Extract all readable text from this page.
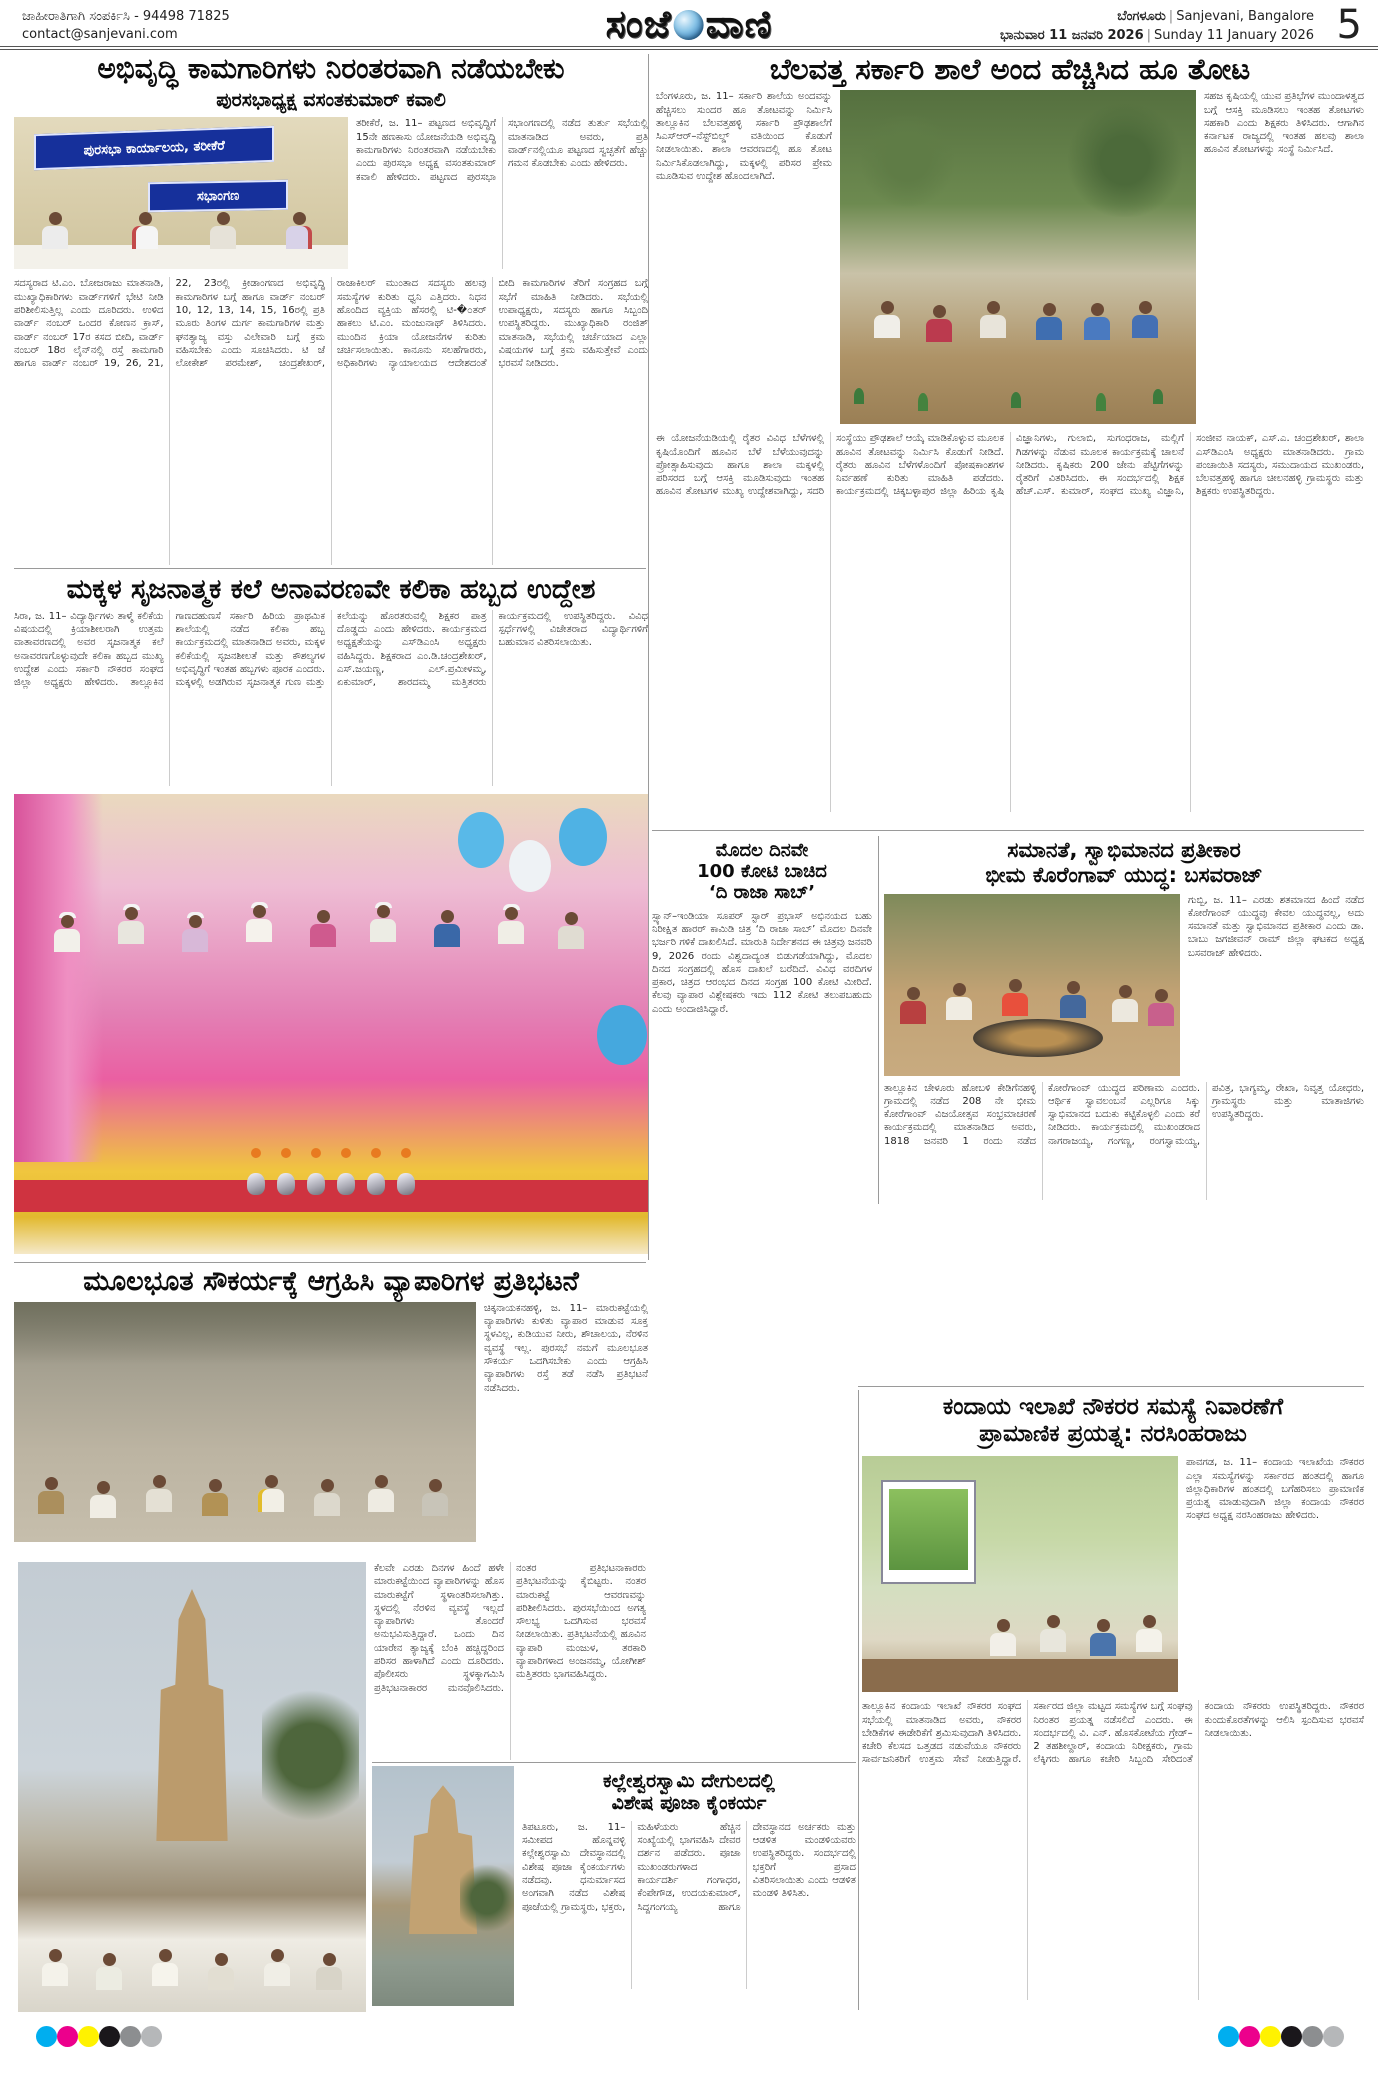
ಜಾಹೀರಾತಿಗಾಗಿ ಸಂಪರ್ಕಿಸಿ - 94498 71825
contact@sanjevani.com	ಸಂಜೆ ವಾಣಿ	ಬೆಂಗಳೂರು | Sanjevani, Bangalore
ಭಾನುವಾರ 11 ಜನವರಿ 2026 | Sunday 11 January 2026 5
ಅಭಿವೃದ್ಧಿ ಕಾಮಗಾರಿಗಳು ನಿರಂತರವಾಗಿ ನಡೆಯಬೇಕು
ಪುರಸಭಾಧ್ಯಕ್ಷ ವಸಂತಕುಮಾರ್ ಕವಾಲಿ
ಪುರಸಭಾ ಕಾರ್ಯಾಲಯ, ತರೀಕೆರೆ
ಸಭಾಂಗಣ
ತರೀಕೆರೆ, ಜ. 11– ಪಟ್ಟಣದ ಅಭಿವೃದ್ಧಿಗೆ 15ನೇ ಹಣಕಾಸು ಯೋಜನೆಯಡಿ ಅಭಿವೃದ್ಧಿ ಕಾಮಗಾರಿಗಳು ನಿರಂತರವಾಗಿ ನಡೆಯಬೇಕು ಎಂದು ಪುರಸಭಾ ಅಧ್ಯಕ್ಷ ವಸಂತಕುಮಾರ್ ಕವಾಲಿ ಹೇಳಿದರು. ಪಟ್ಟಣದ ಪುರಸಭಾ ಸಭಾಂಗಣದಲ್ಲಿ ನಡೆದ ತುರ್ತು ಸಭೆಯಲ್ಲಿ ಮಾತನಾಡಿದ ಅವರು, ಪ್ರತಿ ವಾರ್ಡ್‌ನಲ್ಲಿಯೂ ಪಟ್ಟಣದ ಸ್ವಚ್ಛತೆಗೆ ಹೆಚ್ಚು ಗಮನ ಕೊಡಬೇಕು ಎಂದು ಹೇಳಿದರು.
ಸದಸ್ಯರಾದ ಟಿ.ಎಂ. ಬೋಜರಾಜು ಮಾತನಾಡಿ, ಮುಖ್ಯಾಧಿಕಾರಿಗಳು ವಾರ್ಡ್‌ಗಳಿಗೆ ಭೇಟಿ ನೀಡಿ ಪರಿಶೀಲಿಸುತ್ತಿಲ್ಲ ಎಂದು ದೂರಿದರು. ಉಳಿದ ವಾರ್ಡ್ ನಂಬರ್ ಒಂದರ ಕೋಣನ ಕ್ರಾಸ್, ವಾರ್ಡ್ ನಂಬರ್ 17ರ ಕಸದ ಬೀದಿ, ವಾರ್ಡ್ ನಂಬರ್ 18ರ ಲೈನ್‌ನಲ್ಲಿ ರಸ್ತೆ ಕಾಮಗಾರಿ ಹಾಗೂ ವಾರ್ಡ್ ನಂಬರ್ 19, 26, 21, 22, 23ರಲ್ಲಿ ಕ್ರೀಡಾಂಗಣದ ಅಭಿವೃದ್ಧಿ ಕಾಮಗಾರಿಗಳ ಬಗ್ಗೆ ಹಾಗೂ ವಾರ್ಡ್ ನಂಬರ್ 10, 12, 13, 14, 15, 16ರಲ್ಲಿ ಪ್ರತಿ ಮೂರು ತಿಂಗಳ ದುರ್ಗ ಕಾಮಗಾರಿಗಳ ಮತ್ತು ಘನತ್ಯಾಜ್ಯ ವಸ್ತು ವಿಲೇವಾರಿ ಬಗ್ಗೆ ಕ್ರಮ ವಹಿಸಬೇಕು ಎಂದು ಸೂಚಿಸಿದರು. ಟಿ ಜೆ ಲೋಕೇಶ್ ಪರಮೇಶ್, ಚಂದ್ರಶೇಖರ್, ರಾಜಾಕಿಲರ್ ಮುಂತಾದ ಸದಸ್ಯರು ಹಲವು ಸಮಸ್ಯೆಗಳ ಕುರಿತು ಧ್ವನಿ ಎತ್ತಿದರು. ನಿಧನ ಹೊಂದಿದ ವ್ಯಕ್ತಿಯ ಹೆಸರಲ್ಲಿ ಟಿ-�೦ತರ್ ಹಾಕಲು ಟಿ.ಎಂ. ಮಂಜುನಾಥ್ ತಿಳಿಸಿದರು. ಮುಂದಿನ ಕ್ರಿಯಾ ಯೋಜನೆಗಳ ಕುರಿತು ಚರ್ಚಿಸಲಾಯಿತು. ಕಾನೂನು ಸಲಹೆಗಾರರು, ಅಧಿಕಾರಿಗಳು ನ್ಯಾಯಾಲಯದ ಆದೇಶದಂತೆ ಬೀದಿ ಕಾಮಗಾರಿಗಳ ತೆರಿಗೆ ಸಂಗ್ರಹದ ಬಗ್ಗೆ ಸಭೆಗೆ ಮಾಹಿತಿ ನೀಡಿದರು. ಸಭೆಯಲ್ಲಿ ಉಪಾಧ್ಯಕ್ಷರು, ಸದಸ್ಯರು ಹಾಗೂ ಸಿಬ್ಬಂದಿ ಉಪಸ್ಥಿತರಿದ್ದರು. ಮುಖ್ಯಾಧಿಕಾರಿ ರಂಜಿತ್ ಮಾತನಾಡಿ, ಸಭೆಯಲ್ಲಿ ಚರ್ಚೆಯಾದ ಎಲ್ಲಾ ವಿಷಯಗಳ ಬಗ್ಗೆ ಕ್ರಮ ವಹಿಸುತ್ತೇವೆ ಎಂದು ಭರವಸೆ ನೀಡಿದರು.
ಬೆಲವತ್ತ ಸರ್ಕಾರಿ ಶಾಲೆ ಅಂದ ಹೆಚ್ಚಿಸಿದ ಹೂ ತೋಟ
ಬೆಂಗಳೂರು, ಜ. 11– ಸರ್ಕಾರಿ ಶಾಲೆಯ ಅಂದವನ್ನು ಹೆಚ್ಚಿಸಲು ಸುಂದರ ಹೂ ತೋಟವನ್ನು ನಿರ್ಮಿಸಿ ತಾಲ್ಲೂಕಿನ ಬೆಲವತ್ತಹಳ್ಳಿ ಸರ್ಕಾರಿ ಪ್ರೌಢಶಾಲೆಗೆ ಸಿಎಸ್‌ಆರ್–ನೆಸ್ಟ್‌ಬಿಲ್ಡ್ ವತಿಯಿಂದ ಕೊಡುಗೆ ನೀಡಲಾಯಿತು. ಶಾಲಾ ಆವರಣದಲ್ಲಿ ಹೂ ತೋಟ ನಿರ್ಮಿಸಿಕೊಡಲಾಗಿದ್ದು, ಮಕ್ಕಳಲ್ಲಿ ಪರಿಸರ ಪ್ರೇಮ ಮೂಡಿಸುವ ಉದ್ದೇಶ ಹೊಂದಲಾಗಿದೆ.
ಸಹಜ ಕೃಷಿಯಲ್ಲಿ ಯುವ ಪ್ರತಿಭೆಗಳ ಮುಂದಾಳತ್ವದ ಬಗ್ಗೆ ಆಸಕ್ತಿ ಮೂಡಿಸಲು ಇಂತಹ ತೋಟಗಳು ಸಹಕಾರಿ ಎಂದು ಶಿಕ್ಷಕರು ತಿಳಿಸಿದರು. ಆಗಾಗಿನ ಕರ್ನಾಟಕ ರಾಜ್ಯದಲ್ಲಿ ಇಂತಹ ಹಲವು ಶಾಲಾ ಹೂವಿನ ತೋಟಗಳನ್ನು ಸಂಸ್ಥೆ ನಿರ್ಮಿಸಿದೆ.
ಈ ಯೋಜನೆಯಡಿಯಲ್ಲಿ ರೈತರ ವಿವಿಧ ಬೆಳೆಗಳಲ್ಲಿ ಕೃಷಿಯೊಂದಿಗೆ ಹೂವಿನ ಬೆಳೆ ಬೆಳೆಯುವುದನ್ನು ಪ್ರೋತ್ಸಾಹಿಸುವುದು ಹಾಗೂ ಶಾಲಾ ಮಕ್ಕಳಲ್ಲಿ ಪರಿಸರದ ಬಗ್ಗೆ ಆಸಕ್ತಿ ಮೂಡಿಸುವುದು ಇಂತಹ ಹೂವಿನ ತೋಟಗಳ ಮುಖ್ಯ ಉದ್ದೇಶವಾಗಿದ್ದು, ಸದರಿ ಸಂಸ್ಥೆಯು ಪ್ರೌಢಶಾಲೆ ಆಯ್ಕೆ ಮಾಡಿಕೊಳ್ಳುವ ಮೂಲಕ ಹೂವಿನ ತೋಟವನ್ನು ನಿರ್ಮಿಸಿ ಕೊಡುಗೆ ನೀಡಿದೆ. ರೈತರು ಹೂವಿನ ಬೆಳೆಗಳೊಂದಿಗೆ ಪೋಷಕಾಂಶಗಳ ನಿರ್ವಹಣೆ ಕುರಿತು ಮಾಹಿತಿ ಪಡೆದರು. ಕಾರ್ಯಕ್ರಮದಲ್ಲಿ ಚಿಕ್ಕಬಳ್ಳಾಪುರ ಜಿಲ್ಲಾ ಹಿರಿಯ ಕೃಷಿ ವಿಜ್ಞಾನಿಗಳು, ಗುಲಾಬಿ, ಸುಗಂಧರಾಜ, ಮಲ್ಲಿಗೆ ಗಿಡಗಳನ್ನು ನೆಡುವ ಮೂಲಕ ಕಾರ್ಯಕ್ರಮಕ್ಕೆ ಚಾಲನೆ ನೀಡಿದರು. ಕೃಷಿಕರು 200 ಜೇನು ಪೆಟ್ಟಿಗೆಗಳನ್ನು ರೈತರಿಗೆ ವಿತರಿಸಿದರು. ಈ ಸಂದರ್ಭದಲ್ಲಿ ಶಿಕ್ಷಕ ಹೆಚ್.ಎಸ್. ಕುಮಾರ್, ಸಂಘದ ಮುಖ್ಯ ವಿಜ್ಞಾನಿ, ಸಂಜೀವ ನಾಯಕ್, ಎಸ್.ಎ. ಚಂದ್ರಶೇಖರ್, ಶಾಲಾ ಎಸ್‌ಡಿಎಂಸಿ ಅಧ್ಯಕ್ಷರು ಮಾತನಾಡಿದರು. ಗ್ರಾಮ ಪಂಚಾಯಿತಿ ಸದಸ್ಯರು, ಸಮುದಾಯದ ಮುಖಂಡರು, ಬೆಲವತ್ತಹಳ್ಳಿ ಹಾಗೂ ಚೀಲನಹಳ್ಳಿ ಗ್ರಾಮಸ್ಥರು ಮತ್ತು ಶಿಕ್ಷಕರು ಉಪಸ್ಥಿತರಿದ್ದರು.
ಮಕ್ಕಳ ಸೃಜನಾತ್ಮಕ ಕಲೆ ಅನಾವರಣವೇ ಕಲಿಕಾ ಹಬ್ಬದ ಉದ್ದೇಶ
ಸಿರಾ, ಜ. 11– ವಿದ್ಯಾರ್ಥಿಗಳು ತಾಳ್ಮೆ ಕಲಿಕೆಯ ವಿಷಯದಲ್ಲಿ ಕ್ರಿಯಾಶೀಲರಾಗಿ ಉತ್ತಮ ವಾತಾವರಣದಲ್ಲಿ ಅವರ ಸೃಜನಾತ್ಮಕ ಕಲೆ ಅನಾವರಣಗೊಳ್ಳುವುದೇ ಕಲಿಕಾ ಹಬ್ಬದ ಮುಖ್ಯ ಉದ್ದೇಶ ಎಂದು ಸರ್ಕಾರಿ ನೌಕರರ ಸಂಘದ ಜಿಲ್ಲಾ ಅಧ್ಯಕ್ಷರು ಹೇಳಿದರು. ತಾಲ್ಲೂಕಿನ ಗಾಣದಹುಣಸೆ ಸರ್ಕಾರಿ ಹಿರಿಯ ಪ್ರಾಥಮಿಕ ಶಾಲೆಯಲ್ಲಿ ನಡೆದ ಕಲಿಕಾ ಹಬ್ಬ ಕಾರ್ಯಕ್ರಮದಲ್ಲಿ ಮಾತನಾಡಿದ ಅವರು, ಮಕ್ಕಳ ಕಲಿಕೆಯಲ್ಲಿ ಸೃಜನಶೀಲತೆ ಮತ್ತು ಕೌಶಲ್ಯಗಳ ಅಭಿವೃದ್ಧಿಗೆ ಇಂತಹ ಹಬ್ಬಗಳು ಪೂರಕ ಎಂದರು. ಮಕ್ಕಳಲ್ಲಿ ಅಡಗಿರುವ ಸೃಜನಾತ್ಮಕ ಗುಣ ಮತ್ತು ಕಲೆಯನ್ನು ಹೊರತರುವಲ್ಲಿ ಶಿಕ್ಷಕರ ಪಾತ್ರ ದೊಡ್ಡದು ಎಂದು ಹೇಳಿದರು. ಕಾರ್ಯಕ್ರಮದ ಅಧ್ಯಕ್ಷತೆಯನ್ನು ಎಸ್‌ಡಿಎಂಸಿ ಅಧ್ಯಕ್ಷರು ವಹಿಸಿದ್ದರು. ಶಿಕ್ಷಕರಾದ ಎಂ.ಡಿ.ಚಂದ್ರಶೇಖರ್, ಎಸ್.ಜಯಣ್ಣ, ಎಲ್.ಪ್ರಮೀಳಮ್ಮ, ಏಕುಮಾರ್, ಶಾರದಮ್ಮ ಮತ್ತಿತರರು ಕಾರ್ಯಕ್ರಮದಲ್ಲಿ ಉಪಸ್ಥಿತರಿದ್ದರು. ವಿವಿಧ ಸ್ಪರ್ಧೆಗಳಲ್ಲಿ ವಿಜೇತರಾದ ವಿದ್ಯಾರ್ಥಿಗಳಿಗೆ ಬಹುಮಾನ ವಿತರಿಸಲಾಯಿತು.
ಮೊದಲ ದಿನವೇ
100 ಕೋಟಿ ಬಾಚಿದ
‘ದಿ ರಾಜಾ ಸಾಬ್’
ಸ್ಪ್ಯಾನ್–ಇಂಡಿಯಾ ಸೂಪರ್ ಸ್ಟಾರ್ ಪ್ರಭಾಸ್ ಅಭಿನಯದ ಬಹು ನಿರೀಕ್ಷಿತ ಹಾರರ್ ಕಾಮಿಡಿ ಚಿತ್ರ ‘ದಿ ರಾಜಾ ಸಾಬ್’ ಮೊದಲ ದಿನವೇ ಭರ್ಜರಿ ಗಳಿಕೆ ದಾಖಲಿಸಿದೆ. ಮಾರುತಿ ನಿರ್ದೇಶನದ ಈ ಚಿತ್ರವು ಜನವರಿ 9, 2026 ರಂದು ವಿಶ್ವದಾದ್ಯಂತ ಬಿಡುಗಡೆಯಾಗಿದ್ದು, ಮೊದಲ ದಿನದ ಸಂಗ್ರಹದಲ್ಲಿ ಹೊಸ ದಾಖಲೆ ಬರೆದಿದೆ. ವಿವಿಧ ವರದಿಗಳ ಪ್ರಕಾರ, ಚಿತ್ರದ ಆರಂಭದ ದಿನದ ಸಂಗ್ರಹ 100 ಕೋಟಿ ಮೀರಿದೆ. ಕೆಲವು ವ್ಯಾಪಾರ ವಿಶ್ಲೇಷಕರು ಇದು 112 ಕೋಟಿ ತಲುಪಬಹುದು ಎಂದು ಅಂದಾಜಿಸಿದ್ದಾರೆ.
ಸಮಾನತೆ, ಸ್ವಾಭಿಮಾನದ ಪ್ರತೀಕಾರ
ಭೀಮ ಕೊರೆಂಗಾವ್ ಯುದ್ಧ: ಬಸವರಾಜ್
ಗುಬ್ಬಿ, ಜ. 11– ಎರಡು ಶತಮಾನದ ಹಿಂದೆ ನಡೆದ ಕೋರೆಗಾಂವ್ ಯುದ್ಧವು ಕೇವಲ ಯುದ್ಧವಲ್ಲ, ಅದು ಸಮಾನತೆ ಮತ್ತು ಸ್ವಾಭಿಮಾನದ ಪ್ರತೀಕಾರ ಎಂದು ಡಾ. ಬಾಬು ಜಗಜೀವನ್ ರಾಮ್ ಜಿಲ್ಲಾ ಘಟಕದ ಅಧ್ಯಕ್ಷ ಬಸವರಾಜ್ ಹೇಳಿದರು.
ತಾಲ್ಲೂಕಿನ ಚೇಳೂರು ಹೋಬಳಿ ಕೇಡಿಗೆನಹಳ್ಳಿ ಗ್ರಾಮದಲ್ಲಿ ನಡೆದ 208 ನೇ ಭೀಮ ಕೋರೆಗಾಂವ್ ವಿಜಯೋತ್ಸವ ಸಂಭ್ರಮಾಚರಣೆ ಕಾರ್ಯಕ್ರಮದಲ್ಲಿ ಮಾತನಾಡಿದ ಅವರು, 1818 ಜನವರಿ 1 ರಂದು ನಡೆದ ಕೋರೆಗಾಂವ್ ಯುದ್ಧದ ಪರಿಣಾಮ ಎಂದರು. ಆರ್ಥಿಕ ಸ್ವಾವಲಂಬನೆ ಎಲ್ಲರಿಗೂ ಸಿಕ್ಕು ಸ್ವಾಭಿಮಾನದ ಬದುಕು ಕಟ್ಟಿಕೊಳ್ಳಲಿ ಎಂದು ಕರೆ ನೀಡಿದರು. ಕಾರ್ಯಕ್ರಮದಲ್ಲಿ ಮುಖಂಡರಾದ ನಾಗರಾಜಯ್ಯ, ಗಂಗಣ್ಣ, ರಂಗಸ್ವಾಮಯ್ಯ, ಪವಿತ್ರ, ಭಾಗ್ಯಮ್ಮ, ರೇಖಾ, ನಿವೃತ್ತ ಯೋಧರು, ಗ್ರಾಮಸ್ಥರು ಮತ್ತು ಮಾತಾಜಿಗಳು ಉಪಸ್ಥಿತರಿದ್ದರು.
ಮೂಲಭೂತ ಸೌಕರ್ಯಕ್ಕೆ ಆಗ್ರಹಿಸಿ ವ್ಯಾಪಾರಿಗಳ ಪ್ರತಿಭಟನೆ
ಚಿಕ್ಕನಾಯಕನಹಳ್ಳಿ, ಜ. 11– ಮಾರುಕಟ್ಟೆಯಲ್ಲಿ ವ್ಯಾಪಾರಿಗಳು ಕುಳಿತು ವ್ಯಾಪಾರ ಮಾಡುವ ಸೂಕ್ತ ಸ್ಥಳವಿಲ್ಲ, ಕುಡಿಯುವ ನೀರು, ಶೌಚಾಲಯ, ನೆರಳಿನ ವ್ಯವಸ್ಥೆ ಇಲ್ಲ. ಪುರಸಭೆ ನಮಗೆ ಮೂಲಭೂತ ಸೌಕರ್ಯ ಒದಗಿಸಬೇಕು ಎಂದು ಆಗ್ರಹಿಸಿ ವ್ಯಾಪಾರಿಗಳು ರಸ್ತೆ ತಡೆ ನಡೆಸಿ ಪ್ರತಿಭಟನೆ ನಡೆಸಿದರು.
ಕೆಲವೇ ಎರಡು ದಿನಗಳ ಹಿಂದೆ ಹಳೇ ಮಾರುಕಟ್ಟೆಯಿಂದ ವ್ಯಾಪಾರಿಗಳನ್ನು ಹೊಸ ಮಾರುಕಟ್ಟೆಗೆ ಸ್ಥಳಾಂತರಿಸಲಾಗಿತ್ತು. ಸ್ಥಳದಲ್ಲಿ ನೆರಳಿನ ವ್ಯವಸ್ಥೆ ಇಲ್ಲದೆ ವ್ಯಾಪಾರಿಗಳು ತೊಂದರೆ ಅನುಭವಿಸುತ್ತಿದ್ದಾರೆ. ಒಂದು ದಿನ ಯಾರೇನ ತ್ಯಾಜ್ಯಕ್ಕೆ ಬೆಂಕಿ ಹಚ್ಚಿದ್ದರಿಂದ ಪರಿಸರ ಹಾಳಾಗಿದೆ ಎಂದು ದೂರಿದರು. ಪೊಲೀಸರು ಸ್ಥಳಕ್ಕಾಗಮಿಸಿ ಪ್ರತಿಭಟನಾಕಾರರ ಮನವೊಲಿಸಿದರು. ನಂತರ ಪ್ರತಿಭಟನಾಕಾರರು ಪ್ರತಿಭಟನೆಯನ್ನು ಕೈಬಿಟ್ಟರು. ನಂತರ ಮಾರುಕಟ್ಟೆ ಆವರಣವನ್ನು ಪರಿಶೀಲಿಸಿದರು. ಪುರಸಭೆಯಿಂದ ಅಗತ್ಯ ಸೌಲಭ್ಯ ಒದಗಿಸುವ ಭರವಸೆ ನೀಡಲಾಯಿತು. ಪ್ರತಿಭಟನೆಯಲ್ಲಿ ಹೂವಿನ ವ್ಯಾಪಾರಿ ಮಂಜುಳ, ತರಕಾರಿ ವ್ಯಾಪಾರಿಗಳಾದ ಅಂಜನಮ್ಮ, ಯೋಗೀಶ್ ಮತ್ತಿತರರು ಭಾಗವಹಿಸಿದ್ದರು.
ಕಲ್ಲೇಶ್ವರಸ್ವಾಮಿ ದೇಗುಲದಲ್ಲಿ
ವಿಶೇಷ ಪೂಜಾ ಕೈಂಕರ್ಯ
ತಿಪಟೂರು, ಜ. 11– ಸಮೀಪದ ಹೊನ್ನವಳ್ಳಿ ಕಲ್ಲೇಶ್ವರಸ್ವಾಮಿ ದೇವಸ್ಥಾನದಲ್ಲಿ ವಿಶೇಷ ಪೂಜಾ ಕೈಂಕರ್ಯಗಳು ನಡೆದವು. ಧನುರ್ಮಾಸದ ಅಂಗವಾಗಿ ನಡೆದ ವಿಶೇಷ ಪೂಜೆಯಲ್ಲಿ ಗ್ರಾಮಸ್ಥರು, ಭಕ್ತರು, ಮಹಿಳೆಯರು ಹೆಚ್ಚಿನ ಸಂಖ್ಯೆಯಲ್ಲಿ ಭಾಗವಹಿಸಿ ದೇವರ ದರ್ಶನ ಪಡೆದರು. ಪೂಜಾ ಮುಖಂಡರುಗಳಾದ ಕಾರ್ಯದರ್ಶಿ ಗಂಗಾಧರ, ಕೆಂಪೇಗೌಡ, ಉದಯಕುಮಾರ್, ಸಿದ್ದಗಂಗಯ್ಯ ಹಾಗೂ ದೇವಸ್ಥಾನದ ಅರ್ಚಕರು ಮತ್ತು ಆಡಳಿತ ಮಂಡಳಿಯವರು ಉಪಸ್ಥಿತರಿದ್ದರು. ಸಂದರ್ಭದಲ್ಲಿ ಭಕ್ತರಿಗೆ ಪ್ರಸಾದ ವಿತರಿಸಲಾಯಿತು ಎಂದು ಆಡಳಿತ ಮಂಡಳಿ ತಿಳಿಸಿತು.
ಕಂದಾಯ ಇಲಾಖೆ ನೌಕರರ ಸಮಸ್ಯೆ ನಿವಾರಣೆಗೆ
ಪ್ರಾಮಾಣಿಕ ಪ್ರಯತ್ನ: ನರಸಿಂಹರಾಜು
ಪಾವಗಡ, ಜ. 11– ಕಂದಾಯ ಇಲಾಖೆಯ ನೌಕರರ ಎಲ್ಲಾ ಸಮಸ್ಯೆಗಳನ್ನು ಸರ್ಕಾರದ ಹಂತದಲ್ಲಿ ಹಾಗೂ ಜಿಲ್ಲಾಧಿಕಾರಿಗಳ ಹಂತದಲ್ಲಿ ಬಗೆಹರಿಸಲು ಪ್ರಾಮಾಣಿಕ ಪ್ರಯತ್ನ ಮಾಡುವುದಾಗಿ ಜಿಲ್ಲಾ ಕಂದಾಯ ನೌಕರರ ಸಂಘದ ಅಧ್ಯಕ್ಷ ನರಸಿಂಹರಾಜು ಹೇಳಿದರು.
ತಾಲ್ಲೂಕಿನ ಕಂದಾಯ ಇಲಾಖೆ ನೌಕರರ ಸಂಘದ ಸಭೆಯಲ್ಲಿ ಮಾತನಾಡಿದ ಅವರು, ನೌಕರರ ಬೇಡಿಕೆಗಳ ಈಡೇರಿಕೆಗೆ ಶ್ರಮಿಸುವುದಾಗಿ ತಿಳಿಸಿದರು. ಕಚೇರಿ ಕೆಲಸದ ಒತ್ತಡದ ನಡುವೆಯೂ ನೌಕರರು ಸಾರ್ವಜನಿಕರಿಗೆ ಉತ್ತಮ ಸೇವೆ ನೀಡುತ್ತಿದ್ದಾರೆ. ಸರ್ಕಾರದ ಜಿಲ್ಲಾ ಮಟ್ಟದ ಸಮಸ್ಯೆಗಳ ಬಗ್ಗೆ ಸಂಘವು ನಿರಂತರ ಪ್ರಯತ್ನ ನಡೆಸಲಿದೆ ಎಂದರು. ಈ ಸಂದರ್ಭದಲ್ಲಿ ವಿ. ಎನ್. ಹೊಸಕೋಟೆಯ ಗ್ರೇಡ್–2 ತಹಶೀಲ್ದಾರ್, ಕಂದಾಯ ನಿರೀಕ್ಷಕರು, ಗ್ರಾಮ ಲೆಕ್ಕಿಗರು ಹಾಗೂ ಕಚೇರಿ ಸಿಬ್ಬಂದಿ ಸೇರಿದಂತೆ ಕಂದಾಯ ನೌಕರರು ಉಪಸ್ಥಿತರಿದ್ದರು. ನೌಕರರ ಕುಂದುಕೊರತೆಗಳನ್ನು ಆಲಿಸಿ ಸ್ಪಂದಿಸುವ ಭರವಸೆ ನೀಡಲಾಯಿತು.
